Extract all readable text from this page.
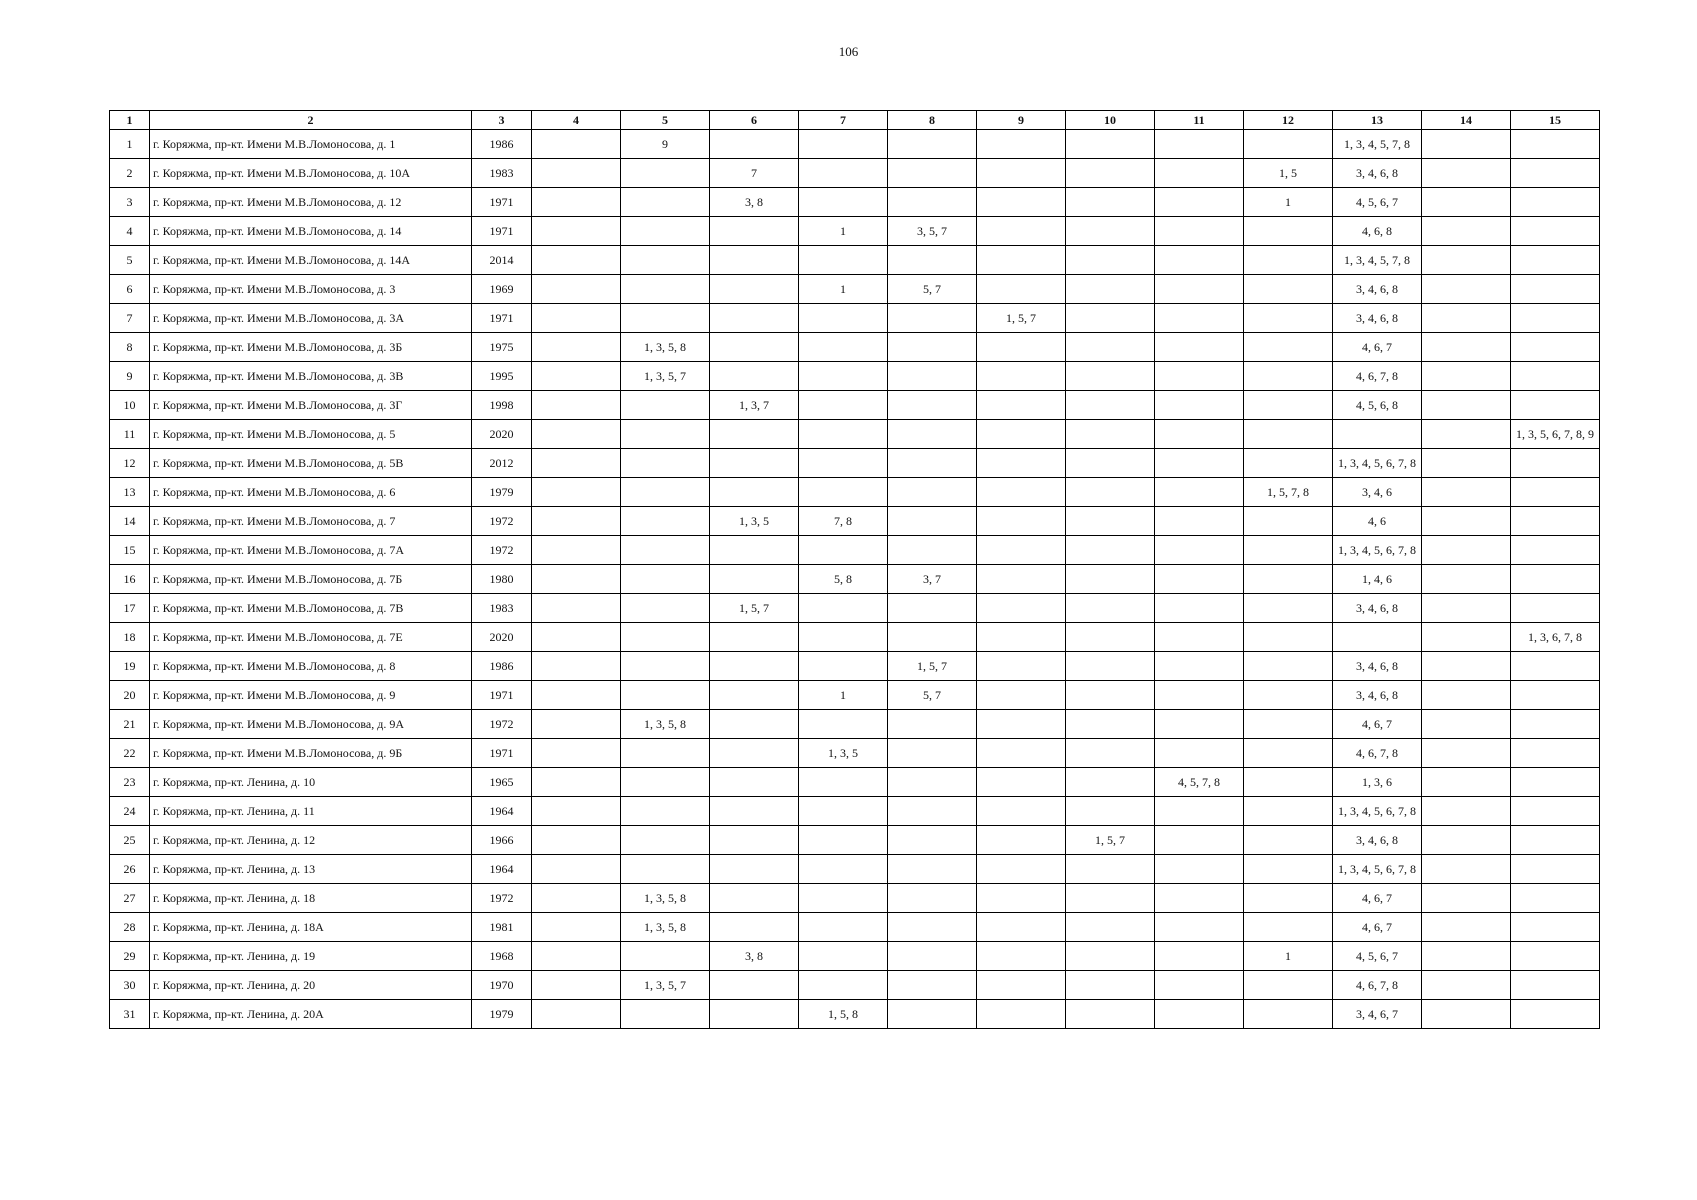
106
1	2	3	4	5	6	7	8	9	10	11	12	13	14	15
1	г. Коряжма, пр-кт. Имени М.В.Ломоносова, д. 1	1986		9								1, 3, 4, 5, 7, 8		
2	г. Коряжма, пр-кт. Имени М.В.Ломоносова, д. 10А	1983			7						1, 5	3, 4, 6, 8		
3	г. Коряжма, пр-кт. Имени М.В.Ломоносова, д. 12	1971			3, 8						1	4, 5, 6, 7		
4	г. Коряжма, пр-кт. Имени М.В.Ломоносова, д. 14	1971				1	3, 5, 7					4, 6, 8		
5	г. Коряжма, пр-кт. Имени М.В.Ломоносова, д. 14А	2014										1, 3, 4, 5, 7, 8		
6	г. Коряжма, пр-кт. Имени М.В.Ломоносова, д. 3	1969				1	5, 7					3, 4, 6, 8		
7	г. Коряжма, пр-кт. Имени М.В.Ломоносова, д. 3А	1971						1, 5, 7				3, 4, 6, 8		
8	г. Коряжма, пр-кт. Имени М.В.Ломоносова, д. 3Б	1975		1, 3, 5, 8								4, 6, 7		
9	г. Коряжма, пр-кт. Имени М.В.Ломоносова, д. 3В	1995		1, 3, 5, 7								4, 6, 7, 8		
10	г. Коряжма, пр-кт. Имени М.В.Ломоносова, д. 3Г	1998			1, 3, 7							4, 5, 6, 8		
11	г. Коряжма, пр-кт. Имени М.В.Ломоносова, д. 5	2020												1, 3, 5, 6, 7, 8, 9
12	г. Коряжма, пр-кт. Имени М.В.Ломоносова, д. 5В	2012										1, 3, 4, 5, 6, 7, 8		
13	г. Коряжма, пр-кт. Имени М.В.Ломоносова, д. 6	1979									1, 5, 7, 8	3, 4, 6		
14	г. Коряжма, пр-кт. Имени М.В.Ломоносова, д. 7	1972			1, 3, 5	7, 8						4, 6		
15	г. Коряжма, пр-кт. Имени М.В.Ломоносова, д. 7А	1972										1, 3, 4, 5, 6, 7, 8		
16	г. Коряжма, пр-кт. Имени М.В.Ломоносова, д. 7Б	1980				5, 8	3, 7					1, 4, 6		
17	г. Коряжма, пр-кт. Имени М.В.Ломоносова, д. 7В	1983			1, 5, 7							3, 4, 6, 8		
18	г. Коряжма, пр-кт. Имени М.В.Ломоносова, д. 7Е	2020												1, 3, 6, 7, 8
19	г. Коряжма, пр-кт. Имени М.В.Ломоносова, д. 8	1986					1, 5, 7					3, 4, 6, 8		
20	г. Коряжма, пр-кт. Имени М.В.Ломоносова, д. 9	1971				1	5, 7					3, 4, 6, 8		
21	г. Коряжма, пр-кт. Имени М.В.Ломоносова, д. 9А	1972		1, 3, 5, 8								4, 6, 7		
22	г. Коряжма, пр-кт. Имени М.В.Ломоносова, д. 9Б	1971				1, 3, 5						4, 6, 7, 8		
23	г. Коряжма, пр-кт. Ленина, д. 10	1965								4, 5, 7, 8		1, 3, 6		
24	г. Коряжма, пр-кт. Ленина, д. 11	1964										1, 3, 4, 5, 6, 7, 8		
25	г. Коряжма, пр-кт. Ленина, д. 12	1966							1, 5, 7			3, 4, 6, 8		
26	г. Коряжма, пр-кт. Ленина, д. 13	1964										1, 3, 4, 5, 6, 7, 8		
27	г. Коряжма, пр-кт. Ленина, д. 18	1972		1, 3, 5, 8								4, 6, 7		
28	г. Коряжма, пр-кт. Ленина, д. 18А	1981		1, 3, 5, 8								4, 6, 7		
29	г. Коряжма, пр-кт. Ленина, д. 19	1968			3, 8						1	4, 5, 6, 7		
30	г. Коряжма, пр-кт. Ленина, д. 20	1970		1, 3, 5, 7								4, 6, 7, 8		
31	г. Коряжма, пр-кт. Ленина, д. 20А	1979				1, 5, 8						3, 4, 6, 7		
